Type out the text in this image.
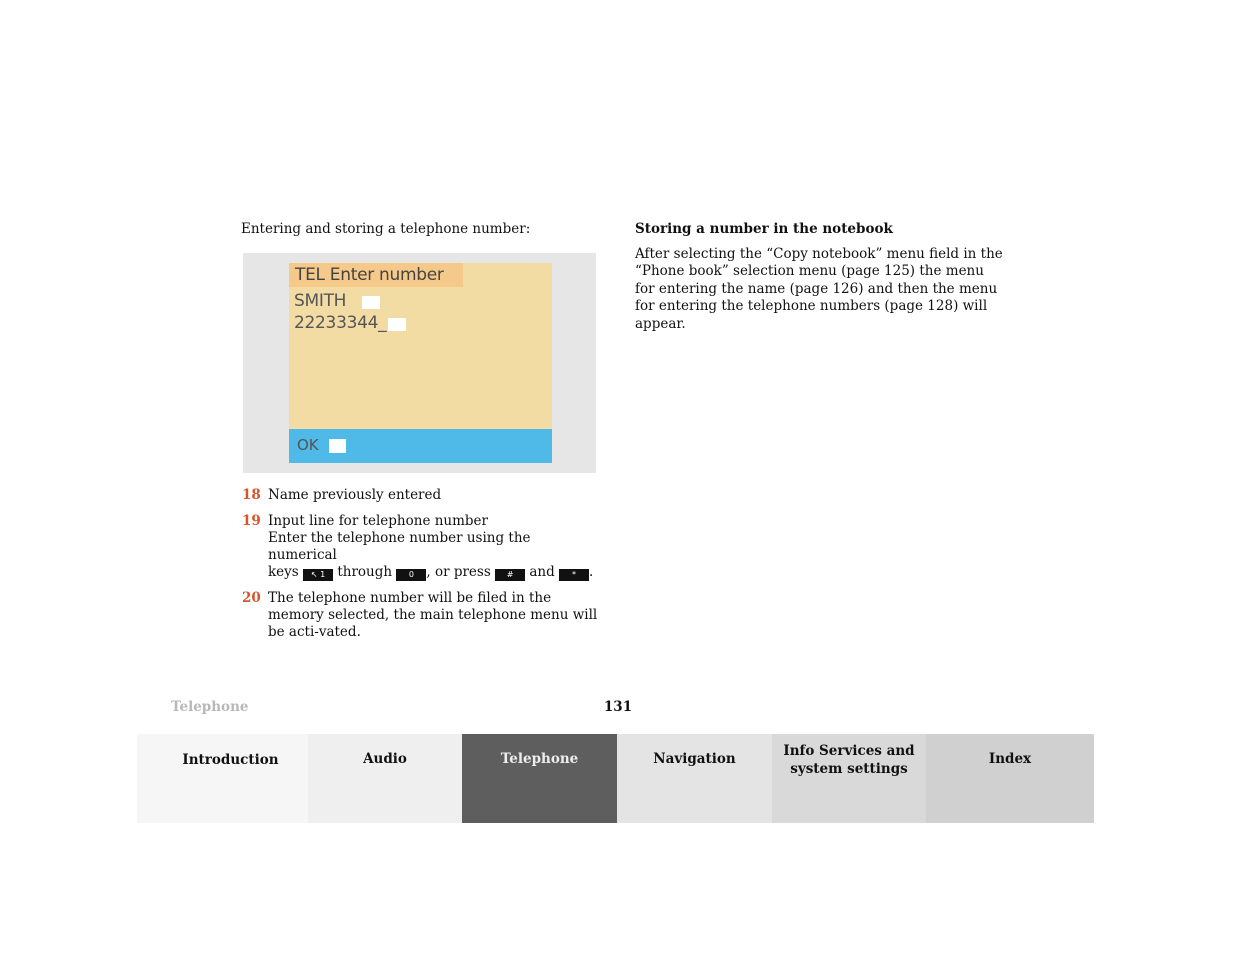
Entering and storing a telephone number:
TEL Enter number
SMITH
22233344_
OK
18 Name previously entered
19 Input line for telephone number
Enter the telephone number using the numerical
keys ↖ 1 through 0 , or press # and * .
20 The telephone number will be filed in the memory selected, the main telephone menu will be acti-vated.
Storing a number in the notebook
After selecting the “Copy notebook” menu field in the “Phone book” selection menu (page 125) the menu for entering the name (page 126) and then the menu for entering the telephone numbers (page 128) will appear.
Telephone	131
Introduction	Audio	Telephone	Navigation	Info Services and
system settings
Index
